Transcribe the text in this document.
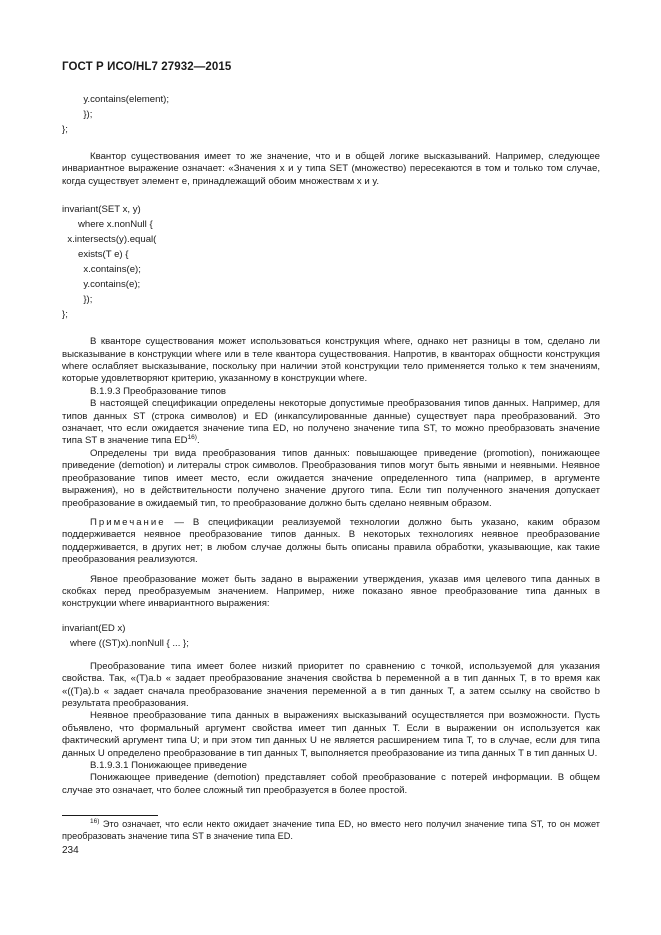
ГОСТ Р ИСО/HL7 27932—2015
y.contains(element);
});
};

Квантор существования имеет то же значение, что и в общей логике высказываний. Например, следующее инвариантное выражение означает: «Значения x и y типа SET (множество) пересекаются в том и только том случае, когда существует элемент e, принадлежащий обоим множествам x и y.

invariant(SET x, y)
where x.nonNull {
x.intersects(y).equal(
exists(T e) {
x.contains(e);
y.contains(e);
});
};

В кванторе существования может использоваться конструкция where, однако нет разницы в том, сделано ли высказывание в конструкции where или в теле квантора существования. Напротив, в кванторах общности конструкция where ослабляет высказывание, поскольку при наличии этой конструкции тело применяется только к тем значениям, которые удовлетворяют критерию, указанному в конструкции where.

В.1.9.3 Преобразование типов

В настоящей спецификации определены некоторые допустимые преобразования типов данных. Например, для типов данных ST (строка символов) и ED (инкапсулированные данные) существует пара преобразований. Это означает, что если ожидается значение типа ED, но получено значение типа ST, то можно преобразовать значение типа ST в значение типа ED$^{16)}$.

Определены три вида преобразования типов данных: повышающее приведение (promotion), понижающее приведение (demotion) и литералы строк символов. Преобразования типов могут быть явными и неявными. Неявное преобразование типов имеет место, если ожидается значение определенного типа (например, в аргументе выражения), но в действительности получено значение другого типа. Если тип полученного значения допускает преобразование в ожидаемый тип, то преобразование должно быть сделано неявным образом.

Примечание — В спецификации реализуемой технологии должно быть указано, каким образом поддерживается неявное преобразование типов данных. В некоторых технологиях неявное преобразование поддерживается, в других нет; в любом случае должны быть описаны правила обработки, указывающие, как такие преобразования реализуются.

Явное преобразование может быть задано в выражении утверждения, указав имя целевого типа данных в скобках перед преобразуемым значением. Например, ниже показано явное преобразование типа данных в конструкции where инвариантного выражения:

invariant(ED x)
where ((ST)x).nonNull { ... };

Преобразование типа имеет более низкий приоритет по сравнению с точкой, используемой для указания свойства. Так, «(T)a.b « задает преобразование значения свойства b переменной a в тип данных T, в то время как «((T)a).b « задает сначала преобразование значения переменной a в тип данных T, а затем ссылку на свойство b результата преобразования.

Неявное преобразование типа данных в выражениях высказываний осуществляется при возможности. Пусть объявлено, что формальный аргумент свойства имеет тип данных T. Если в выражении он используется как фактический аргумент типа U; и при этом тип данных U не является расширением типа T, то в случае, если для типа данных U определено преобразование в тип данных T, выполняется преобразование из типа данных T в тип данных U.

В.1.9.3.1 Понижающее приведение

Понижающее приведение (demotion) представляет собой преобразование с потерей информации. В общем случае это означает, что более сложный тип преобразуется в более простой.

$^{16)}$ Это означает, что если некто ожидает значение типа ED, но вместо него получил значение типа ST, то он может преобразовать значение типа ST в значение типа ED.
234
